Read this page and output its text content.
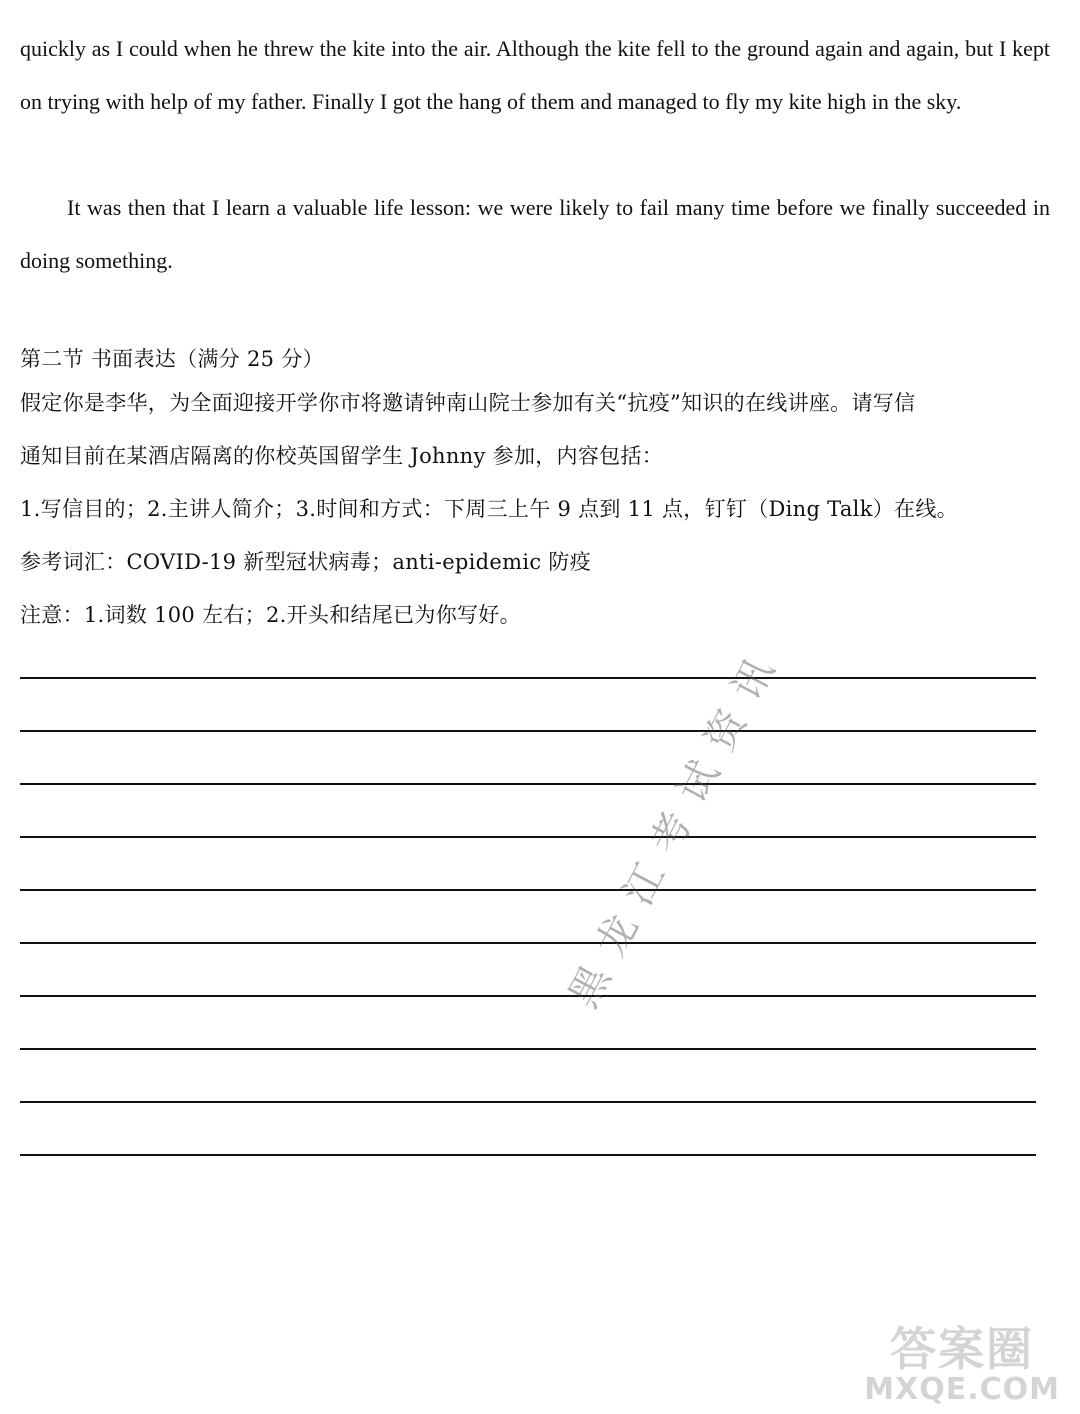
quickly as I could when he threw the kite into the air. Although the kite fell to the ground again and again, but I kept on trying with help of my father. Finally I got the hang of them and managed to fly my kite high in the sky.

It was then that I learn a valuable life lesson: we were likely to fail many time before we finally succeeded in doing something.

第二节 书面表达（满分 25 分）

假定你是李华，为全面迎接开学你市将邀请钟南山院士参加有关“抗疫”知识的在线讲座。请写信

通知目前在某酒店隔离的你校英国留学生 Johnny 参加，内容包括：

1.写信目的；2.主讲人简介；3.时间和方式：下周三上午 9 点到 11 点，钉钉（Ding Talk）在线。

参考词汇：COVID-19 新型冠状病毒；anti-epidemic 防疫

注意：1.词数 100 左右；2.开头和结尾已为你写好。

黑龙江考试资讯
答案圈
MXQE.COM
